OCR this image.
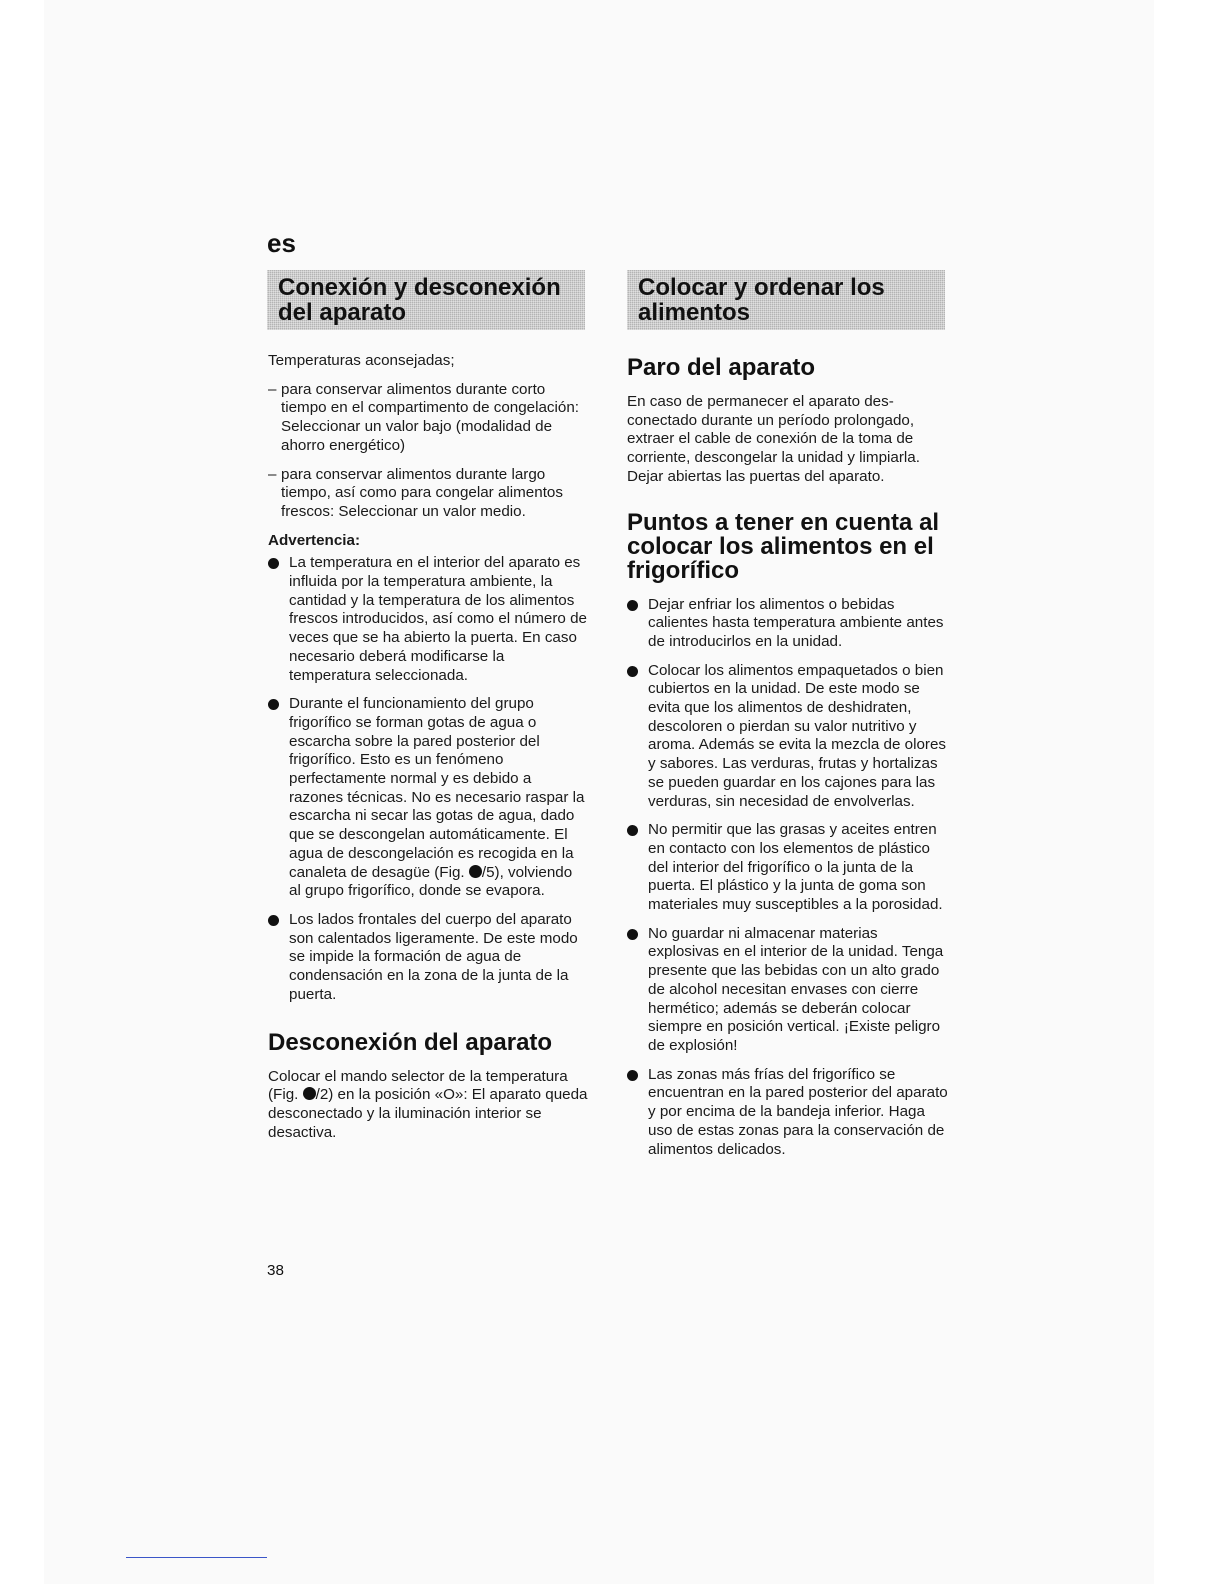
es
Conexión y desconexión
del aparato
Colocar y ordenar los
alimentos

Temperaturas aconsejadas;

– para conservar alimentos durante corto tiempo en el compartimento de congelación: Seleccionar un valor bajo (modalidad de ahorro energético)
– para conservar alimentos durante largo tiempo, así como para congelar alimentos frescos: Seleccionar un valor medio.
Advertencia:
La temperatura en el interior del aparato es influida por la temperatura ambiente, la cantidad y la temperatura de los alimentos frescos introducidos, así como el número de veces que se ha abierto la puerta. En caso necesario deberá modificarse la temperatura seleccionada.
Durante el funcionamiento del grupo frigorífico se forman gotas de agua o escarcha sobre la pared posterior del frigorífico. Esto es un fenómeno perfectamente normal y es debido a razones técnicas. No es necesario raspar la escarcha ni secar las gotas de agua, dado que se descongelan automáticamente. El agua de descongelación es recogida en la canaleta de desagüe (Fig. /5), volviendo al grupo frigorífico, donde se evapora.
Los lados frontales del cuerpo del aparato son calentados ligeramente. De este modo se impide la formación de agua de condensación en la zona de la junta de la puerta.
Desconexión del aparato

Colocar el mando selector de la temperatura (Fig. /2) en la posición «O»: El aparato queda desconectado y la iluminación interior se desactiva.

Paro del aparato

En caso de permanecer el aparato des-conectado durante un período prolongado, extraer el cable de conexión de la toma de corriente, descongelar la unidad y limpiarla. Dejar abiertas las puertas del aparato.

Puntos a tener en cuenta al colocar los alimentos en el frigorífico
Dejar enfriar los alimentos o bebidas calientes hasta temperatura ambiente antes de introducirlos en la unidad.
Colocar los alimentos empaquetados o bien cubiertos en la unidad. De este modo se evita que los alimentos de deshidraten, descoloren o pierdan su valor nutritivo y aroma. Además se evita la mezcla de olores y sabores. Las verduras, frutas y hortalizas se pueden guardar en los cajones para las verduras, sin necesidad de envolverlas.
No permitir que las grasas y aceites entren en contacto con los elementos de plástico del interior del frigorífico o la junta de la puerta. El plástico y la junta de goma son materiales muy susceptibles a la porosidad.
No guardar ni almacenar materias explosivas en el interior de la unidad. Tenga presente que las bebidas con un alto grado de alcohol necesitan envases con cierre hermético; además se deberán colocar siempre en posición vertical. ¡Existe peligro de explosión!
Las zonas más frías del frigorífico se encuentran en la pared posterior del aparato y por encima de la bandeja inferior. Haga uso de estas zonas para la conservación de alimentos delicados.
38
